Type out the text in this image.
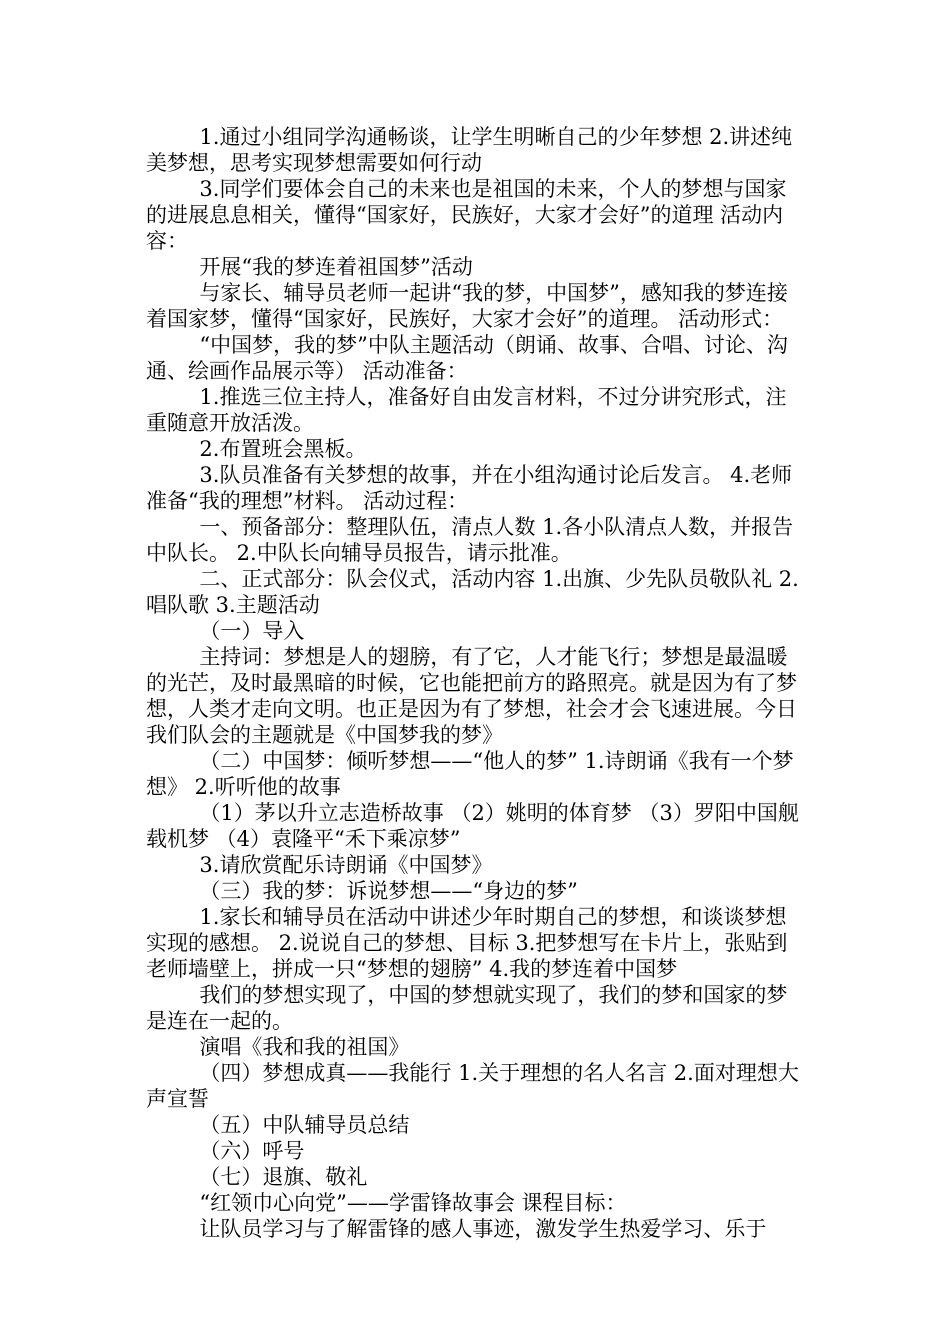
1.通过小组同学沟通畅谈，让学生明晰自己的少年梦想 2.讲述纯美梦想，思考实现梦想需要如何行动

3.同学们要体会自己的未来也是祖国的未来，个人的梦想与国家的进展息息相关，懂得“国家好，民族好，大家才会好”的道理 活动内容：

开展“我的梦连着祖国梦”活动

与家长、辅导员老师一起讲“我的梦，中国梦”，感知我的梦连接着国家梦，懂得“国家好，民族好，大家才会好”的道理。 活动形式：

“中国梦，我的梦”中队主题活动（朗诵、故事、合唱、讨论、沟通、绘画作品展示等） 活动准备：

1.推选三位主持人，准备好自由发言材料，不过分讲究形式，注重随意开放活泼。

2.布置班会黑板。

3.队员准备有关梦想的故事，并在小组沟通讨论后发言。 4.老师准备“我的理想”材料。 活动过程：

一、预备部分：整理队伍，清点人数 1.各小队清点人数，并报告中队长。 2.中队长向辅导员报告，请示批准。

二、正式部分：队会仪式，活动内容 1.出旗、少先队员敬队礼 2.唱队歌 3.主题活动

（一）导入

主持词：梦想是人的翅膀，有了它，人才能飞行；梦想是最温暖的光芒，及时最黑暗的时候，它也能把前方的路照亮。就是因为有了梦想，人类才走向文明。也正是因为有了梦想，社会才会飞速进展。今日我们队会的主题就是《中国梦我的梦》

（二）中国梦：倾听梦想——“他人的梦” 1.诗朗诵《我有一个梦想》 2.听听他的故事

（1）茅以升立志造桥故事 （2）姚明的体育梦 （3）罗阳中国舰载机梦 （4）袁隆平“禾下乘凉梦”

3.请欣赏配乐诗朗诵《中国梦》

（三）我的梦：诉说梦想——“身边的梦”

1.家长和辅导员在活动中讲述少年时期自己的梦想，和谈谈梦想实现的感想。 2.说说自己的梦想、目标 3.把梦想写在卡片上，张贴到老师墙壁上，拼成一只“梦想的翅膀” 4.我的梦连着中国梦

我们的梦想实现了，中国的梦想就实现了，我们的梦和国家的梦是连在一起的。

演唱《我和我的祖国》

（四）梦想成真——我能行 1.关于理想的名人名言 2.面对理想大声宣誓

（五）中队辅导员总结

（六）呼号

（七）退旗、敬礼

“红领巾心向党”——学雷锋故事会 课程目标：

让队员学习与了解雷锋的感人事迹，激发学生热爱学习、乐于
